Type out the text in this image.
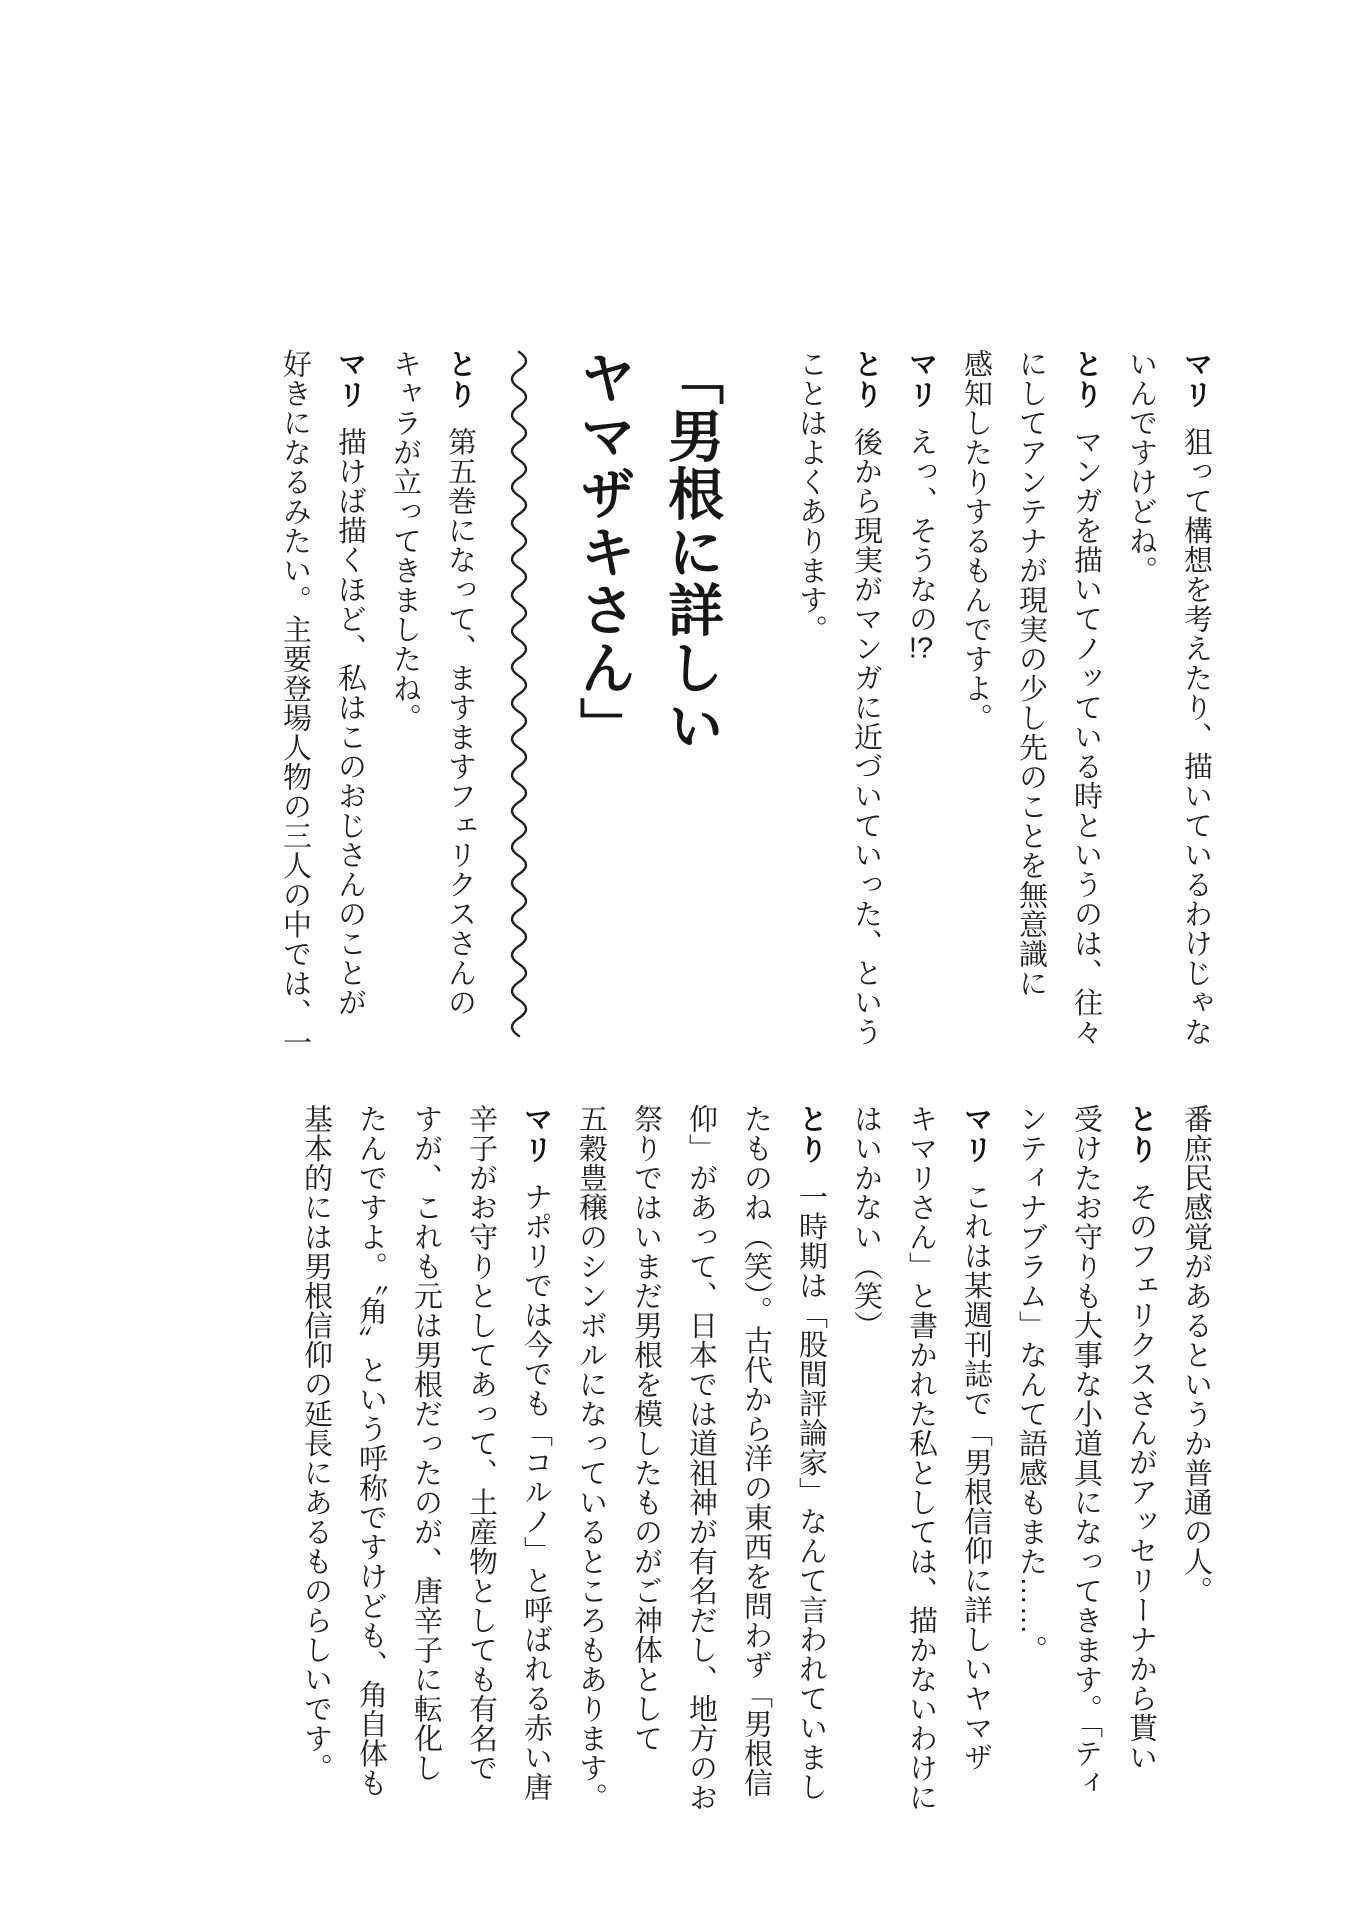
マリ狙って構想を考えたり、描いているわけじゃな

いんですけどね。

とりマンガを描いてノッている時というのは、往々

にしてアンテナが現実の少し先のことを無意識に

感知したりするもんですよ。

マリえっ、そうなの!?

とり後から現実がマンガに近づいていった、という

ことはよくあります。

「男根に詳しい
ヤマザキさん」

とり第五巻になって、ますますフェリクスさんの

キャラが立ってきましたね。

マリ描けば描くほど、私はこのおじさんのことが

好きになるみたい。主要登場人物の三人の中では、一

番庶民感覚があるというか普通の人。

とりそのフェリクスさんがアッセリーナから貰い

受けたお守りも大事な小道具になってきます。「ティ

ンティナブラム」なんて語感もまた……。

マリこれは某週刊誌で「男根信仰に詳しいヤマザ

キマリさん」と書かれた私としては、描かないわけに

はいかない（笑）

とり一時期は「股間評論家」なんて言われていまし

たものね（笑）。古代から洋の東西を問わず「男根信

仰」があって、日本では道祖神が有名だし、地方のお

祭りではいまだ男根を模したものがご神体として

五穀豊穣のシンボルになっているところもあります。

マリナポリでは今でも「コルノ」と呼ばれる赤い唐

辛子がお守りとしてあって、土産物としても有名で

すが、これも元は男根だったのが、唐辛子に転化し

たんですよ。〝角〟という呼称ですけども、角自体も

基本的には男根信仰の延長にあるものらしいです。
